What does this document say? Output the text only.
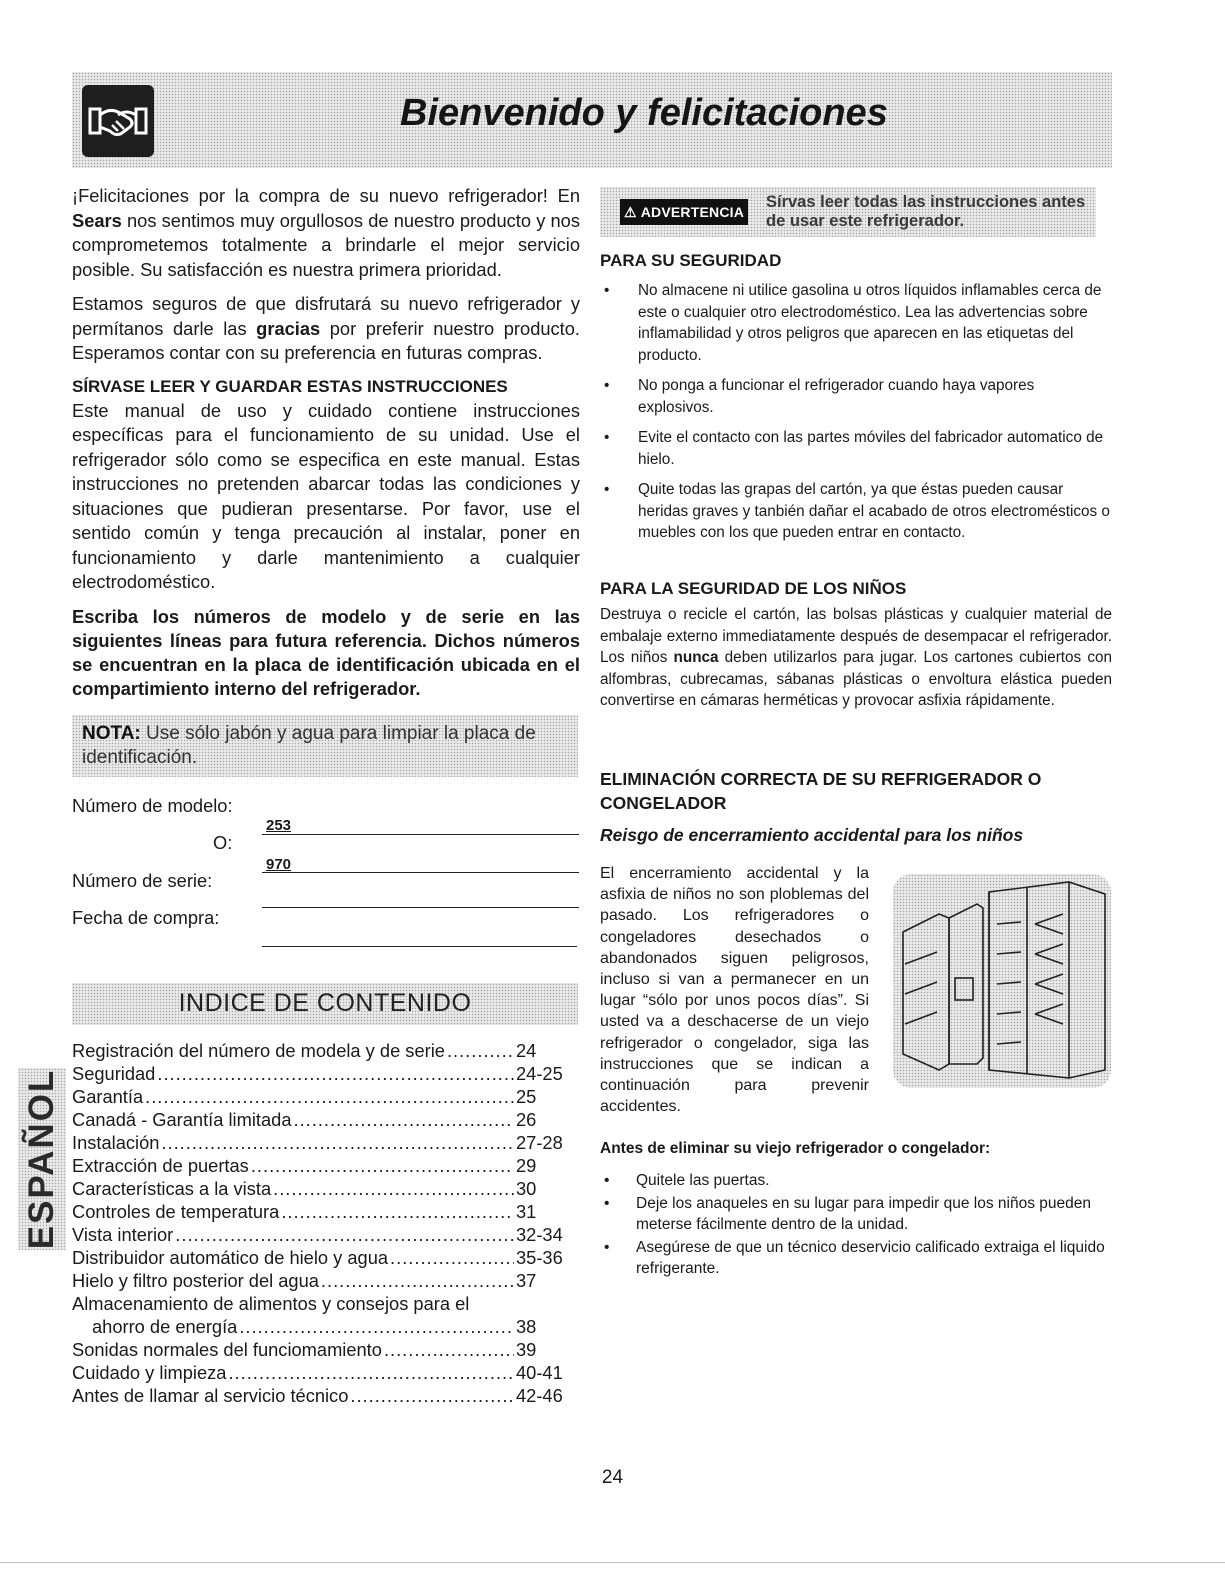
Bienvenido y felicitaciones

¡Felicitaciones por la compra de su nuevo refrigerador! En Sears nos sentimos muy orgullosos de nuestro producto y nos comprometemos totalmente a brindarle el mejor servicio posible. Su satisfacción es nuestra primera prioridad.

Estamos seguros de que disfrutará su nuevo refrigerador y permítanos darle las gracias por preferir nuestro producto. Esperamos contar con su preferencia en futuras compras.

SÍRVASE LEER Y GUARDAR ESTAS INSTRUCCIONES

Este manual de uso y cuidado contiene instrucciones específicas para el funcionamiento de su unidad. Use el refrigerador sólo como se especifica en este manual. Estas instrucciones no pretenden abarcar todas las condiciones y situaciones que pudieran presentarse. Por favor, use el sentido común y tenga precaución al instalar, poner en funcionamiento y darle mantenimiento a cualquier electrodoméstico.

Escriba los números de modelo y de serie en las siguientes líneas para futura referencia. Dichos números se encuentran en la placa de identificación ubicada en el compartimiento interno del refrigerador.

NOTA: Use sólo jabón y agua para limpiar la placa de identificación.
Número de modelo:
O:
253
970
Número de serie:
Fecha de compra:
INDICE DE CONTENIDO
Registración del número de modela y de serie .....	24
Seguridad .....	24-25
Garantía .....	25
Canadá - Garantía limitada .....	26
Instalación .....	27-28
Extracción de puertas .....	29
Características a la vista .....	30
Controles de temperatura .....	31
Vista interior .....	32-34
Distribuidor automático de hielo y agua .....	35-36
Hielo y filtro posterior del agua .....	37
Almacenamiento de alimentos y consejos para el
ahorro de energía .....	38
Sonidas normales del funciomamiento .....	39
Cuidado y limpieza .....	40-41
Antes de llamar al servicio técnico .....	42-46
ESPAÑOL
⚠ ADVERTENCIA
Sírvas leer todas las instrucciones antes de usar este refrigerador.
PARA SU SEGURIDAD
• No almacene ni utilice gasolina u otros líquidos inflamables cerca de este o cualquier otro electrodoméstico. Lea las advertencias sobre inflamabilidad y otros peligros que aparecen en las etiquetas del producto.
• No ponga a funcionar el refrigerador cuando haya vapores explosivos.
• Evite el contacto con las partes móviles del fabricador automatico de hielo.
• Quite todas las grapas del cartón, ya que éstas pueden causar heridas graves y tanbién dañar el acabado de otros electromésticos o muebles con los que pueden entrar en contacto.
PARA LA SEGURIDAD DE LOS NIÑOS
Destruya o recicle el cartón, las bolsas plásticas y cualquier material de embalaje externo immediatamente después de desempacar el refrigerador. Los niños nunca deben utilizarlos para jugar. Los cartones cubiertos con alfombras, cubrecamas, sábanas plásticas o envoltura elástica pueden convertirse en cámaras herméticas y provocar asfixia rápidamente.
ELIMINACIÓN CORRECTA DE SU REFRIGERADOR O CONGELADOR
Reisgo de encerramiento accidental para los niños
El encerramiento accidental y la asfixia de niños no son ploblemas del pasado. Los refrigeradores o congeladores desechados o abandonados siguen peligrosos, incluso si van a permanecer en un lugar “sólo por unos pocos días”. Si usted va a deschacerse de un viejo refrigerador o congelador, siga las instrucciones que se indican a continuación para prevenir accidentes.
Antes de eliminar su viejo refrigerador o congelador:
• Quitele las puertas.
• Deje los anaqueles en su lugar para impedir que los niños pueden meterse fácilmente dentro de la unidad.
• Asegúrese de que un técnico deservicio calificado extraiga el liquido refrigerante.
24
